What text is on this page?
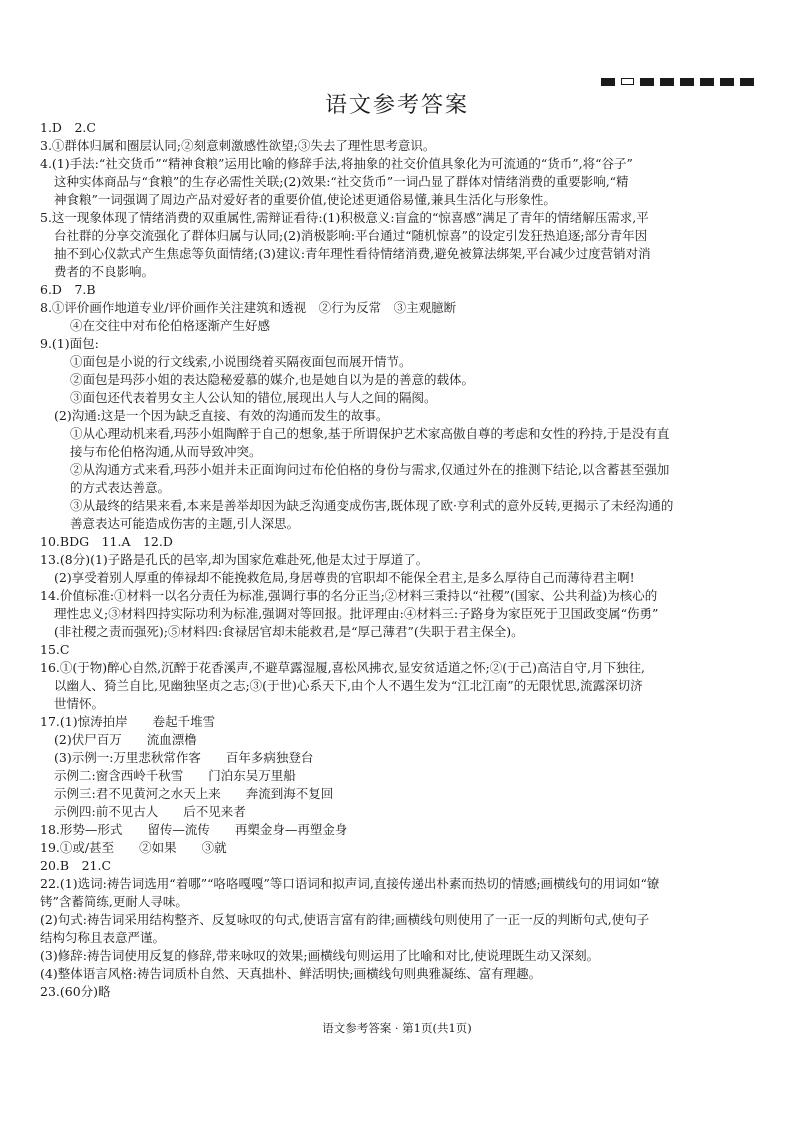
语文参考答案
1.D　2.C
3.①群体归属和圈层认同;②刻意刺激感性欲望;③失去了理性思考意识。
4.(1)手法:“社交货币”“精神食粮”运用比喻的修辞手法,将抽象的社交价值具象化为可流通的“货币”,将“谷子”
这种实体商品与“食粮”的生存必需性关联;(2)效果:“社交货币”一词凸显了群体对情绪消费的重要影响,“精
神食粮”一词强调了周边产品对爱好者的重要价值,使论述更通俗易懂,兼具生活化与形象性。
5.这一现象体现了情绪消费的双重属性,需辩证看待:(1)积极意义:盲盒的“惊喜感”满足了青年的情绪解压需求,平
台社群的分享交流强化了群体归属与认同;(2)消极影响:平台通过“随机惊喜”的设定引发狂热追逐;部分青年因
抽不到心仪款式产生焦虑等负面情绪;(3)建议:青年理性看待情绪消费,避免被算法绑架,平台减少过度营销对消
费者的不良影响。
6.D　7.B
8.①评价画作地道专业/评价画作关注建筑和透视　②行为反常　③主观臆断
④在交往中对布伦伯格逐渐产生好感
9.(1)面包:
①面包是小说的行文线索,小说围绕着买隔夜面包而展开情节。
②面包是玛莎小姐的表达隐秘爱慕的媒介,也是她自以为是的善意的载体。
③面包还代表着男女主人公认知的错位,展现出人与人之间的隔阂。
(2)沟通:这是一个因为缺乏直接、有效的沟通而发生的故事。
①从心理动机来看,玛莎小姐陶醉于自己的想象,基于所谓保护艺术家高傲自尊的考虑和女性的矜持,于是没有直
接与布伦伯格沟通,从而导致冲突。
②从沟通方式来看,玛莎小姐并未正面询问过布伦伯格的身份与需求,仅通过外在的推测下结论,以含蓄甚至强加
的方式表达善意。
③从最终的结果来看,本来是善举却因为缺乏沟通变成伤害,既体现了欧·亨利式的意外反转,更揭示了未经沟通的
善意表达可能造成伤害的主题,引人深思。
10.BDG　11.A　12.D
13.(8分)(1)子路是孔氏的邑宰,却为国家危难赴死,他是太过于厚道了。
(2)享受着别人厚重的俸禄却不能挽救危局,身居尊贵的官职却不能保全君主,是多么厚待自己而薄待君主啊!
14.价值标准:①材料一以名分责任为标准,强调行事的名分正当;②材料三秉持以“社稷”(国家、公共利益)为核心的
理性忠义;③材料四持实际功利为标准,强调对等回报。批评理由:④材料三:子路身为家臣死于卫国政变属“伤勇”
(非社稷之责而强死);⑤材料四:食禄居官却未能救君,是“厚己薄君”(失职于君主保全)。
15.C
16.①(于物)醉心自然,沉醉于花香溪声,不避草露湿履,喜松风拂衣,显安贫适道之怀;②(于己)高洁自守,月下独往,
以幽人、猗兰自比,见幽独坚贞之志;③(于世)心系天下,由个人不遇生发为“江北江南”的无限忧思,流露深切济
世情怀。
17.(1)惊涛拍岸　　卷起千堆雪
(2)伏尸百万　　流血漂橹
(3)示例一:万里悲秋常作客　　百年多病独登台
示例二:窗含西岭千秋雪　　门泊东吴万里船
示例三:君不见黄河之水天上来　　奔流到海不复回
示例四:前不见古人　　后不见来者
18.形势—形式　　留传—流传　　再槊金身—再塑金身
19.①或/甚至　　②如果　　③就
20.B　21.C
22.(1)选词:祷告词选用“着哪”“咯咯嘎嘎”等口语词和拟声词,直接传递出朴素而热切的情感;画横线句的用词如“镣
铐”含蓄简练,更耐人寻味。
(2)句式:祷告词采用结构整齐、反复咏叹的句式,使语言富有韵律;画横线句则使用了一正一反的判断句式,使句子
结构匀称且表意严谨。
(3)修辞:祷告词使用反复的修辞,带来咏叹的效果;画横线句则运用了比喻和对比,使说理既生动又深刻。
(4)整体语言风格:祷告词质朴自然、天真拙朴、鲜活明快;画横线句则典雅凝练、富有理趣。
23.(60分)略
语文参考答案 · 第1页(共1页)
